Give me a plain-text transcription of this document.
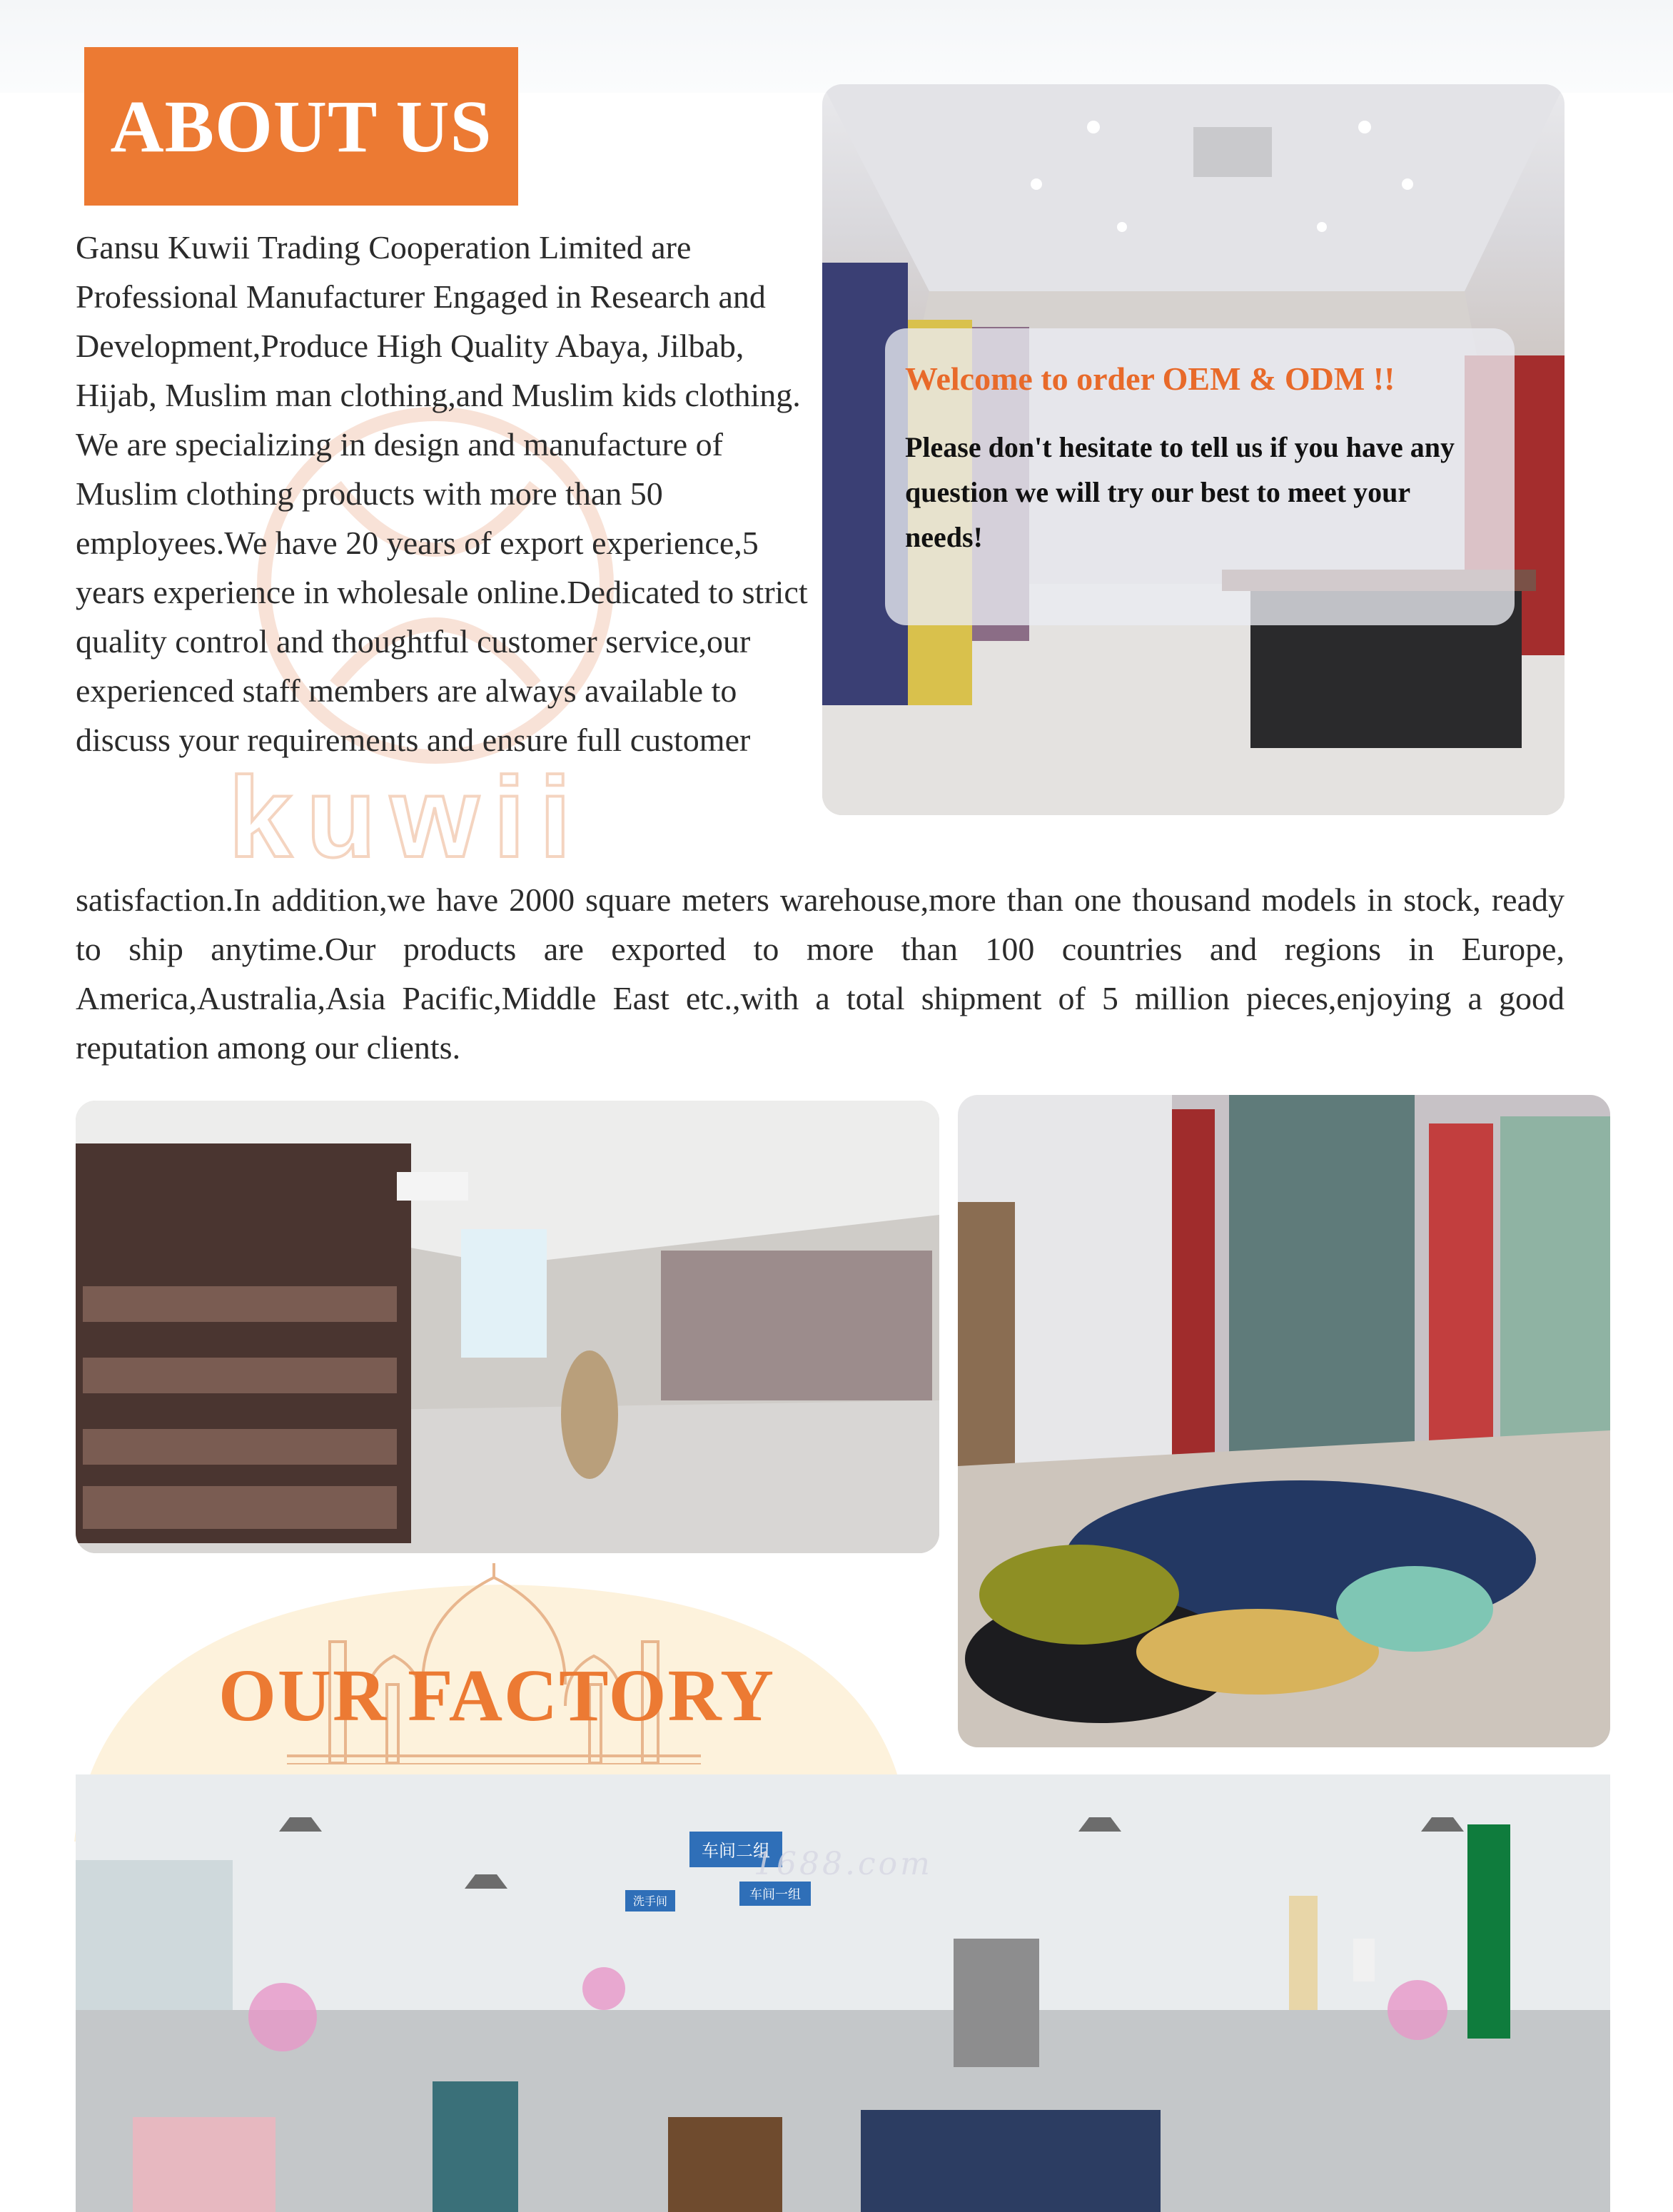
ABOUT US
kuwii

Gansu Kuwii Trading Cooperation Limited are Professional Manufacturer Engaged in Research and Development,Produce High Quality Abaya, Jilbab, Hijab, Muslim man clothing,and Muslim kids clothing.

We are specializing in design and manufacture of Muslim clothing products with more than 50 employees.We have 20 years of export experience,5 years experience in wholesale online.Dedicated to strict quality control and thoughtful customer service,our experienced staff members are always available to discuss your requirements and ensure full customer

Welcome to order OEM & ODM !!

Please don't hesitate to tell us if you have any question we will try our best to meet your needs!

satisfaction.In addition,we have 2000 square meters warehouse,more than one thousand models in stock, ready to ship anytime.Our products are exported to more than 100 countries and regions in Europe, America,Australia,Asia Pacific,Middle East etc.,with a total shipment of 5 million pieces,enjoying a good reputation among our clients.
OUR FACTORY
车间二组
车间一组
洗手间
1688.com
